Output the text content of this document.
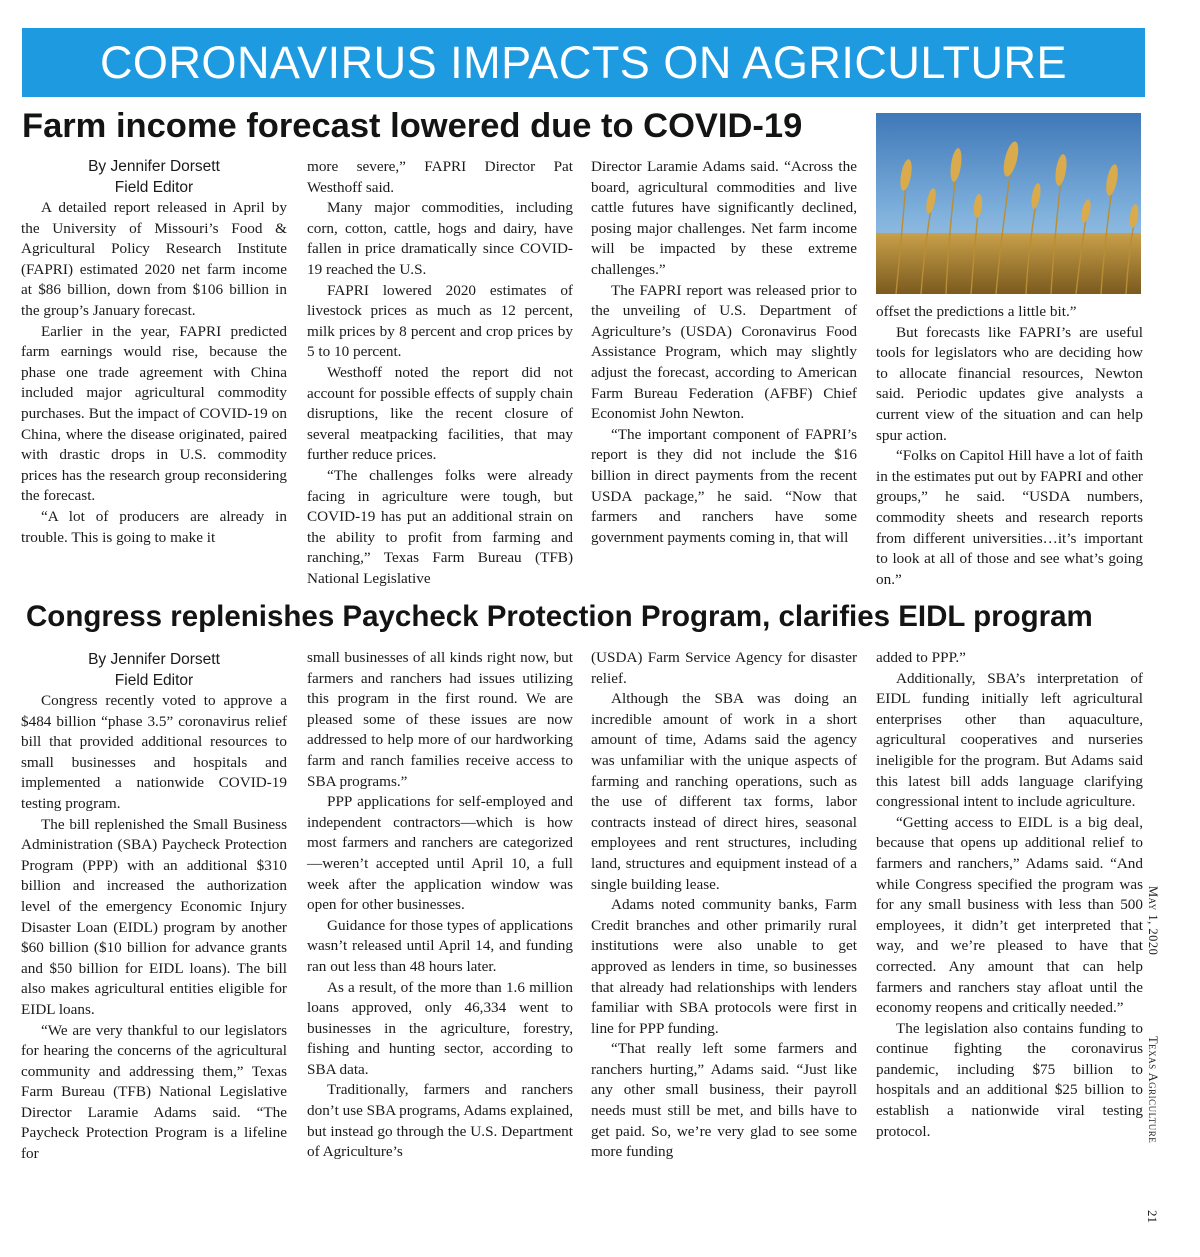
CORONAVIRUS IMPACTS ON AGRICULTURE
Farm income forecast lowered due to COVID-19
By Jennifer Dorsett
Field Editor

A detailed report released in April by the University of Missouri’s Food & Agricultural Policy Research Institute (FAPRI) estimated 2020 net farm income at $86 billion, down from $106 billion in the group’s January forecast.

Earlier in the year, FAPRI predicted farm earnings would rise, because the phase one trade agreement with China included major agricultural commodity purchases. But the impact of COVID-19 on China, where the disease originated, paired with drastic drops in U.S. commodity prices has the research group reconsidering the forecast.

“A lot of producers are already in trouble. This is going to make it

more severe,” FAPRI Director Pat Westhoff said.

Many major commodities, including corn, cotton, cattle, hogs and dairy, have fallen in price dramatically since COVID-19 reached the U.S.

FAPRI lowered 2020 estimates of livestock prices as much as 12 percent, milk prices by 8 percent and crop prices by 5 to 10 percent.

Westhoff noted the report did not account for possible effects of supply chain disruptions, like the recent closure of several meatpacking facilities, that may further reduce prices.

“The challenges folks were already facing in agriculture were tough, but COVID-19 has put an additional strain on the ability to profit from farming and ranching,” Texas Farm Bureau (TFB) National Legislative

Director Laramie Adams said. “Across the board, agricultural commodities and live cattle futures have significantly declined, posing major challenges. Net farm income will be impacted by these extreme challenges.”

The FAPRI report was released prior to the unveiling of U.S. Department of Agriculture’s (USDA) Coronavirus Food Assistance Program, which may slightly adjust the forecast, according to American Farm Bureau Federation (AFBF) Chief Economist John Newton.

“The important component of FAPRI’s report is they did not include the $16 billion in direct payments from the recent USDA package,” he said. “Now that farmers and ranchers have some government payments coming in, that will

offset the predictions a little bit.”

But forecasts like FAPRI’s are useful tools for legislators who are deciding how to allocate financial resources, Newton said. Periodic updates give analysts a current view of the situation and can help spur action.

“Folks on Capitol Hill have a lot of faith in the estimates put out by FAPRI and other groups,” he said. “USDA numbers, commodity sheets and research reports from different universities…it’s important to look at all of those and see what’s going on.”

Congress replenishes Paycheck Protection Program, clarifies EIDL program
By Jennifer Dorsett
Field Editor

Congress recently voted to approve a $484 billion “phase 3.5” coronavirus relief bill that provided additional resources to small businesses and hospitals and implemented a nationwide COVID-19 testing program.

The bill replenished the Small Business Administration (SBA) Paycheck Protection Program (PPP) with an additional $310 billion and increased the authorization level of the emergency Economic Injury Disaster Loan (EIDL) program by another $60 billion ($10 billion for advance grants and $50 billion for EIDL loans). The bill also makes agricultural entities eligible for EIDL loans.

“We are very thankful to our legislators for hearing the concerns of the agricultural community and addressing them,” Texas Farm Bureau (TFB) National Legislative Director Laramie Adams said. “The Paycheck Protection Program is a lifeline for

small businesses of all kinds right now, but farmers and ranchers had issues utilizing this program in the first round. We are pleased some of these issues are now addressed to help more of our hardworking farm and ranch families receive access to SBA programs.”

PPP applications for self-employed and independent contractors—which is how most farmers and ranchers are categorized—weren’t accepted until April 10, a full week after the application window was open for other businesses.

Guidance for those types of applications wasn’t released until April 14, and funding ran out less than 48 hours later.

As a result, of the more than 1.6 million loans approved, only 46,334 went to businesses in the agriculture, forestry, fishing and hunting sector, according to SBA data.

Traditionally, farmers and ranchers don’t use SBA programs, Adams explained, but instead go through the U.S. Department of Agriculture’s

(USDA) Farm Service Agency for disaster relief.

Although the SBA was doing an incredible amount of work in a short amount of time, Adams said the agency was unfamiliar with the unique aspects of farming and ranching operations, such as the use of different tax forms, labor contracts instead of direct hires, seasonal employees and rent structures, including land, structures and equipment instead of a single building lease.

Adams noted community banks, Farm Credit branches and other primarily rural institutions were also unable to get approved as lenders in time, so businesses that already had relationships with lenders familiar with SBA protocols were first in line for PPP funding.

“That really left some farmers and ranchers hurting,” Adams said. “Just like any other small business, their payroll needs must still be met, and bills have to get paid. So, we’re very glad to see some more funding

added to PPP.”

Additionally, SBA’s interpretation of EIDL funding initially left agricultural enterprises other than aquaculture, agricultural cooperatives and nurseries ineligible for the program. But Adams said this latest bill adds language clarifying congressional intent to include agriculture.

“Getting access to EIDL is a big deal, because that opens up additional relief to farmers and ranchers,” Adams said. “And while Congress specified the program was for any small business with less than 500 employees, it didn’t get interpreted that way, and we’re pleased to have that corrected. Any amount that can help farmers and ranchers stay afloat until the economy reopens and critically needed.”

The legislation also contains funding to continue fighting the coronavirus pandemic, including $75 billion to hospitals and an additional $25 billion to establish a nationwide viral testing protocol.

May 1, 2020
Texas Agriculture
21
